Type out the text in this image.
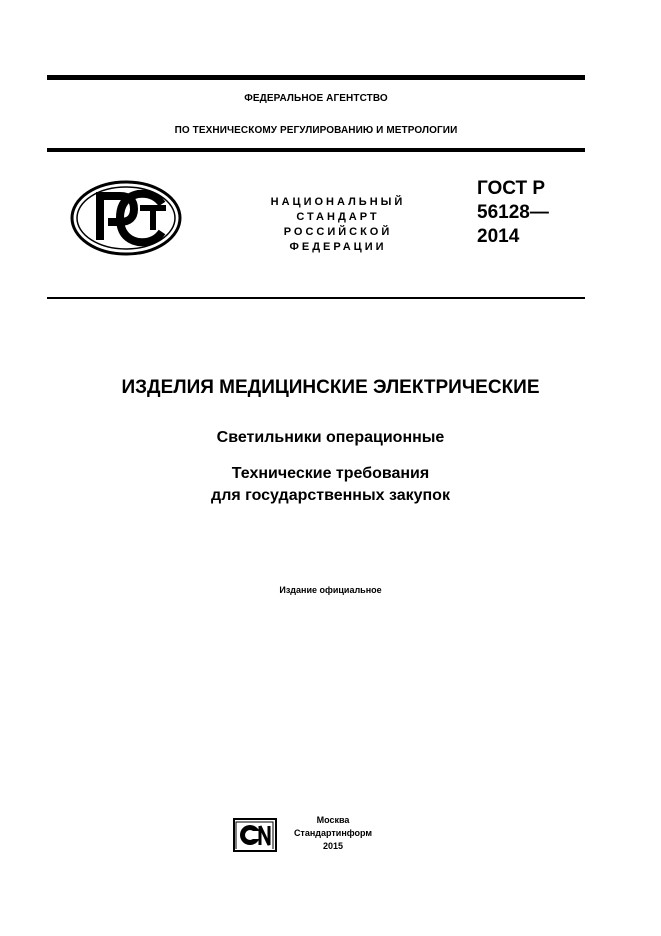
ФЕДЕРАЛЬНОЕ АГЕНТСТВО
ПО ТЕХНИЧЕСКОМУ РЕГУЛИРОВАНИЮ И МЕТРОЛОГИИ
НАЦИОНАЛЬНЫЙ
СТАНДАРТ
РОССИЙСКОЙ
ФЕДЕРАЦИИ
ГОСТ Р
56128—
2014
ИЗДЕЛИЯ МЕДИЦИНСКИЕ ЭЛЕКТРИЧЕСКИЕ
Светильники операционные
Технические требования
для государственных закупок
Издание официальное
Москва
Стандартинформ
2015
